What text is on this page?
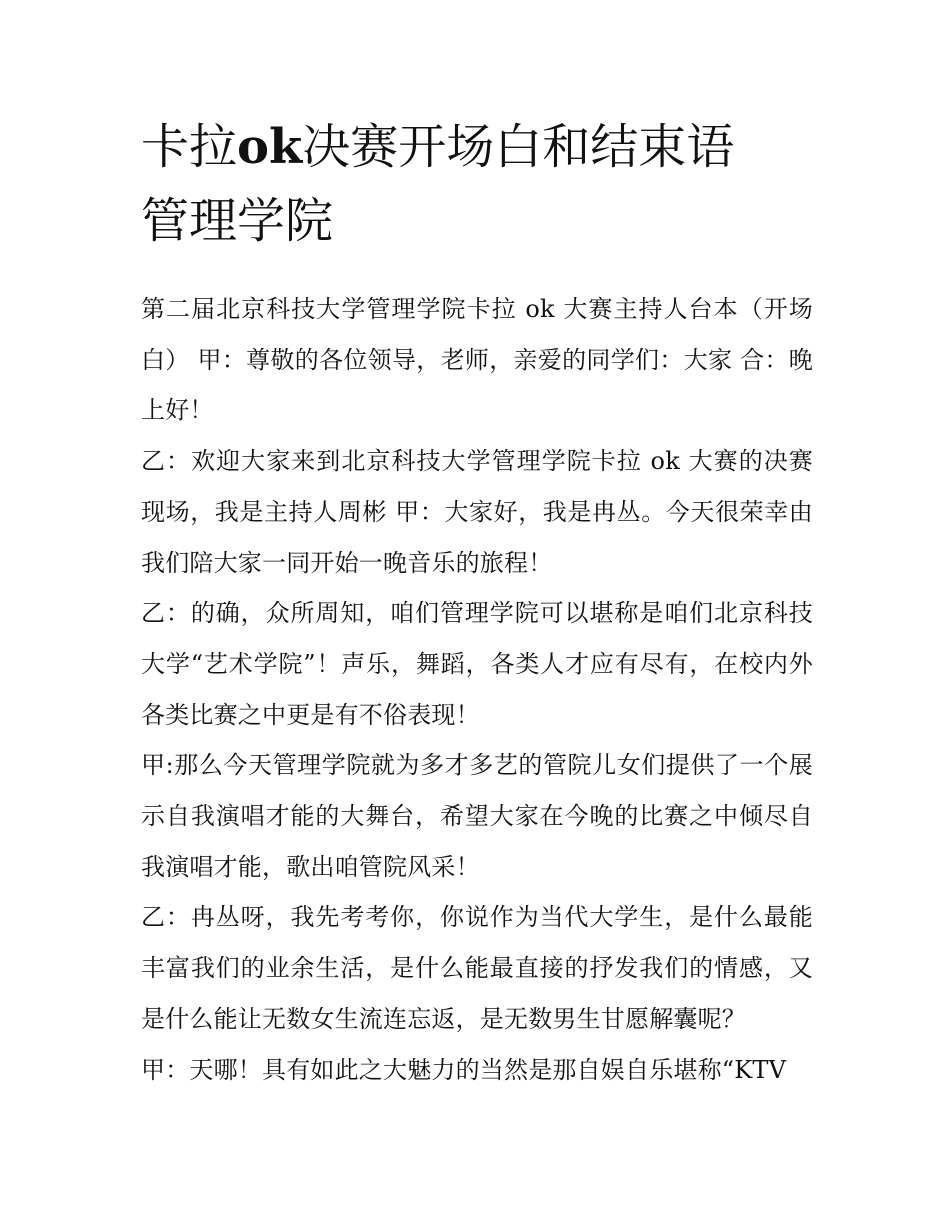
卡拉ok决赛开场白和结束语
管理学院

第二届北京科技大学管理学院卡拉 ok 大赛主持人台本（开场白） 甲：尊敬的各位领导，老师，亲爱的同学们：大家 合：晚上好！

乙：欢迎大家来到北京科技大学管理学院卡拉 ok 大赛的决赛现场，我是主持人周彬 甲：大家好，我是冉丛。今天很荣幸由我们陪大家一同开始一晚音乐的旅程！

乙：的确，众所周知，咱们管理学院可以堪称是咱们北京科技大学“艺术学院”！声乐，舞蹈，各类人才应有尽有，在校内外各类比赛之中更是有不俗表现！

甲:那么今天管理学院就为多才多艺的管院儿女们提供了一个展示自我演唱才能的大舞台，希望大家在今晚的比赛之中倾尽自我演唱才能，歌出咱管院风采！

乙：冉丛呀，我先考考你，你说作为当代大学生，是什么最能丰富我们的业余生活，是什么能最直接的抒发我们的情感，又是什么能让无数女生流连忘返，是无数男生甘愿解囊呢？

甲：天哪！具有如此之大魅力的当然是那自娱自乐堪称“KTV
